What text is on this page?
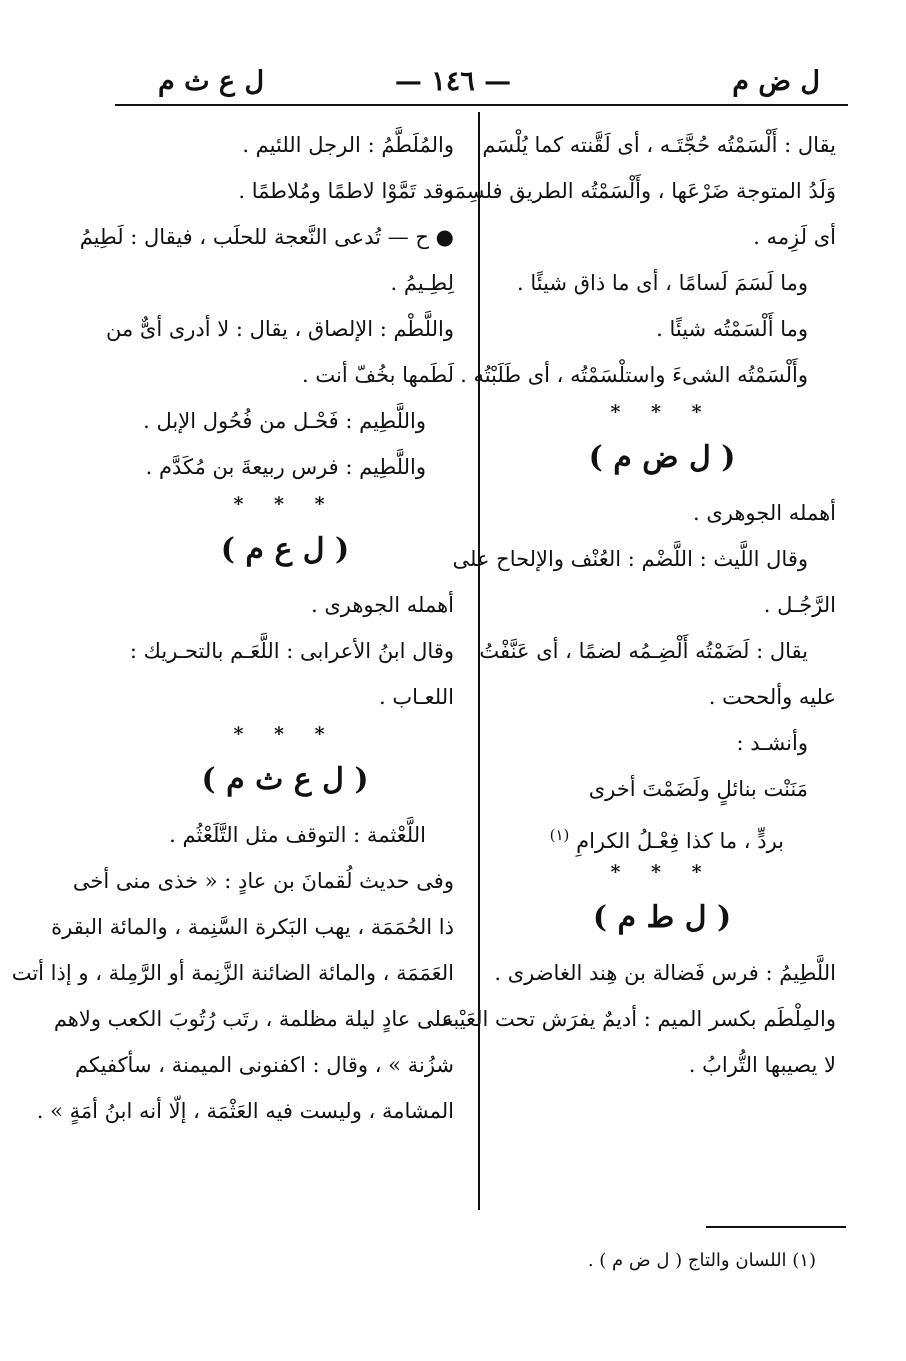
ل ض م
— ١٤٦ —
ل ع ث م
يقال : أَلْسَمْتُه حُجَّتَـه ، أى لَقَّنته كما يُلْسَم
وَلَدُ المتوجة ضَرْعَها ، وأَلْسَمْتُه الطريق فلسِمَه
أى لَزِمه .
وما لَسَمَ لَسامًا ، أى ما ذاق شيئًا .
وما أَلْسَمْتُه شيئًا .
وأَلْسَمْتُه الشىءَ واستلْسَمْتُه ، أى طَلَبْتُه .
* * *
( ل ض م )
أهمله الجوهرى .
وقال اللَّيث : اللَّضْم : العُنْف والإلحاح على
الرَّجُـل .
يقال : لَضَمْتُه أَلْضِـمُه لضمًا ، أى عَنَّفْتُ
عليه وألححت .
وأنشـد :
مَنَنْت بنائلٍ ولَضَمْتَ أخرى
بردٍّ ، ما كذا فِعْـلُ الكرامِ $^{(١)}$
* * *
( ل ط م )
اللَّطِيمُ : فرس فَضالة بن هِند الغاضرى .
والمِلْطَم بكسر الميم : أديمٌ يفرَش تحت العَيْبة
لا يصيبها التُّرابُ .
والمُلَطَّمُ : الرجل اللئيم .
وقد تَمَّوْا لاطمًا ومُلاطمًا .
● ح — تُدعى النَّعجة للحلَب ، فيقال : لَطِيمُ
لِطِـيمُ .
واللَّطْم : الإلصاق ، يقال : لا أدرى أىٌّ من
لَطَمها بخُفّ أنت .
واللَّطِيم : فَحْـل من فُحُول الإبل .
واللَّطِيم : فرس ربيعةَ بن مُكَدَّم .
* * *
( ل ع م )
أهمله الجوهرى .
وقال ابنُ الأعرابى : اللَّعَـم بالتحـريك :
اللعـاب .
* * *
( ل ع ث م )
اللَّعْثمة : التوقف مثل التَّلَعْثُم .
وفى حديث لُقمانَ بن عادٍ : « خذى منى أخى
ذا الحُمَمَة ، يهب البَكرة السَّنِمة ، والمائة البقرة
العَمَمَة ، والمائة الضائنة الزَّنِمة أو الرَّمِلة ، و إذا أتت
على عادٍ ليلة مظلمة ، رتَب رُتُوبَ الكعب ولاهم
شزُنة » ، وقال : اكفنونى الميمنة ، سأكفيكم
المشامة ، وليست فيه العَثْمَة ، إلّا أنه ابنُ أمَةٍ » .
(١) اللسان والتاج ( ل ض م ) .
